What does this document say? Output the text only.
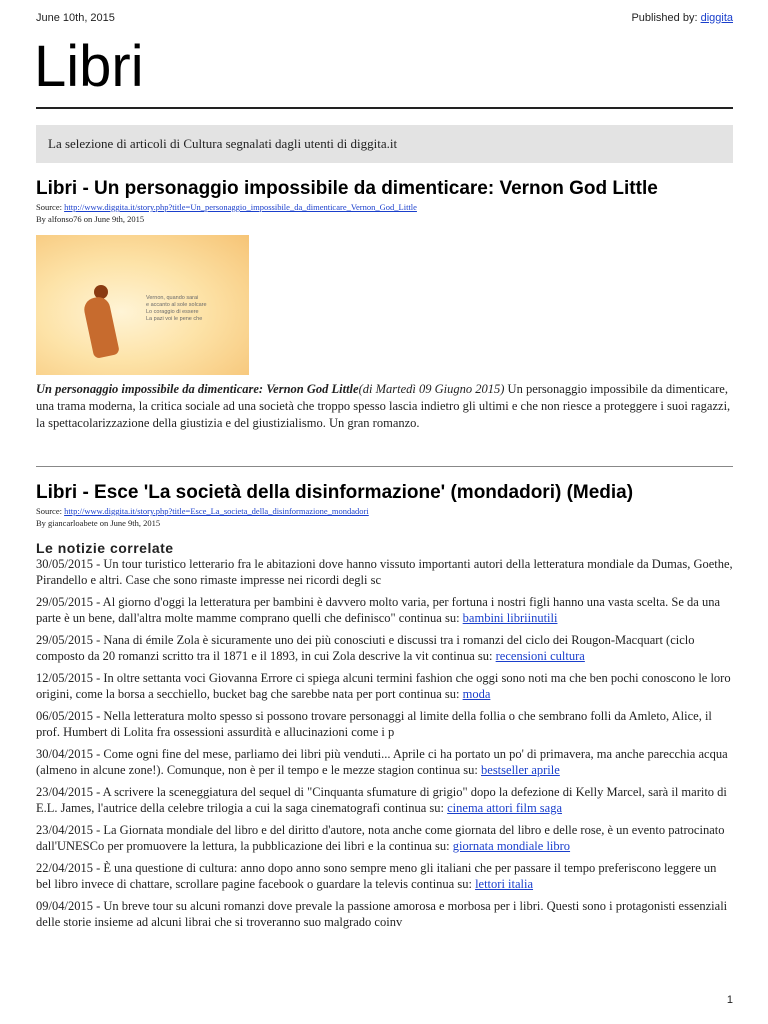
June 10th, 2015	Published by: diggita
Libri
La selezione di articoli di Cultura segnalati dagli utenti di diggita.it
Libri - Un personaggio impossibile da dimenticare: Vernon God Little
Source: http://www.diggita.it/story.php?title=Un_personaggio_impossibile_da_dimenticare_Vernon_God_Little
By alfonso76 on June 9th, 2015
Vernon, quando sarai
e accanto al sole solcare
Lo coraggio di essere
La pazi voi le pene che
Un personaggio impossibile da dimenticare: Vernon God Little(di Martedì 09 Giugno 2015) Un personaggio impossibile da dimenticare, una trama moderna, la critica sociale ad una società che troppo spesso lascia indietro gli ultimi e che non riesce a proteggere i suoi ragazzi, la spettacolarizzazione della giustizia e del giustizialismo. Un gran romanzo.
Libri - Esce 'La società della disinformazione' (mondadori) (Media)
Source: http://www.diggita.it/story.php?title=Esce_La_societa_della_disinformazione_mondadori
By giancarloabete on June 9th, 2015
Le notizie correlate
30/05/2015 - Un tour turistico letterario fra le abitazioni dove hanno vissuto importanti autori della letteratura mondiale da Dumas, Goethe, Pirandello e altri. Case che sono rimaste impresse nei ricordi degli sc
29/05/2015 - Al giorno d'oggi la letteratura per bambini è davvero molto varia, per fortuna i nostri figli hanno una vasta scelta. Se da una parte è un bene, dall'altra molte mamme comprano quelli che definisco" continua su: bambini libriinutili
29/05/2015 - Nana di émile Zola è sicuramente uno dei più conosciuti e discussi tra i romanzi del ciclo dei Rougon-Macquart (ciclo composto da 20 romanzi scritto tra il 1871 e il 1893, in cui Zola descrive la vit continua su: recensioni cultura
12/05/2015 - In oltre settanta voci Giovanna Errore ci spiega alcuni termini fashion che oggi sono noti ma che ben pochi conoscono le loro origini, come la borsa a secchiello, bucket bag che sarebbe nata per port continua su: moda
06/05/2015 - Nella letteratura molto spesso si possono trovare personaggi al limite della follia o che sembrano folli da Amleto, Alice, il prof. Humbert di Lolita fra ossessioni assurdità e allucinazioni come i p
30/04/2015 - Come ogni fine del mese, parliamo dei libri più venduti... Aprile ci ha portato un po' di primavera, ma anche parecchia acqua (almeno in alcune zone!). Comunque, non è per il tempo e le mezze stagion continua su: bestseller aprile
23/04/2015 - A scrivere la sceneggiatura del sequel di "Cinquanta sfumature di grigio" dopo la defezione di Kelly Marcel, sarà il marito di E.L. James, l'autrice della celebre trilogia a cui la saga cinematografi continua su: cinema attori film saga
23/04/2015 - La Giornata mondiale del libro e del diritto d'autore, nota anche come giornata del libro e delle rose, è un evento patrocinato dall'UNESCo per promuovere la lettura, la pubblicazione dei libri e la continua su: giornata mondiale libro
22/04/2015 - È una questione di cultura: anno dopo anno sono sempre meno gli italiani che per passare il tempo preferiscono leggere un bel libro invece di chattare, scrollare pagine facebook o guardare la televis continua su: lettori italia
09/04/2015 - Un breve tour su alcuni romanzi dove prevale la passione amorosa e morbosa per i libri. Questi sono i protagonisti essenziali delle storie insieme ad alcuni librai che si troveranno suo malgrado coinv
1
